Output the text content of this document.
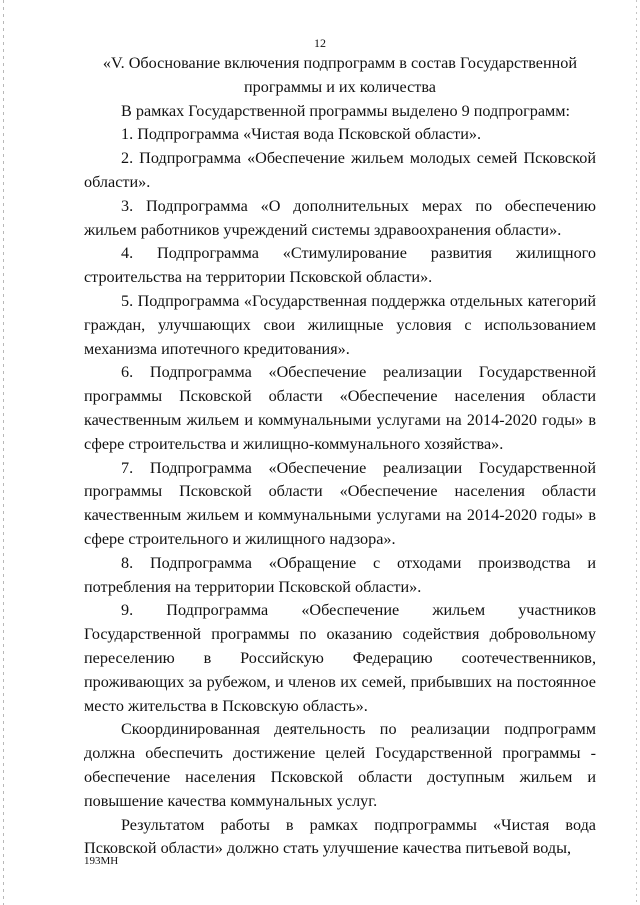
12

«V. Обоснование включения подпрограмм в состав Государственной программы и их количества

В рамках Государственной программы выделено 9 подпрограмм:

1. Подпрограмма «Чистая вода Псковской области».

2. Подпрограмма «Обеспечение жильем молодых семей Псковской области».

3. Подпрограмма «О дополнительных мерах по обеспечению жильем работников учреждений системы здравоохранения области».

4. Подпрограмма «Стимулирование развития жилищного строительства на территории Псковской области».

5. Подпрограмма «Государственная поддержка отдельных категорий граждан, улучшающих свои жилищные условия с использованием механизма ипотечного кредитования».

6. Подпрограмма «Обеспечение реализации Государственной программы Псковской области «Обеспечение населения области качественным жильем и коммунальными услугами на 2014-2020 годы» в сфере строительства и жилищно-коммунального хозяйства».

7. Подпрограмма «Обеспечение реализации Государственной программы Псковской области «Обеспечение населения области качественным жильем и коммунальными услугами на 2014-2020 годы» в сфере строительного и жилищного надзора».

8. Подпрограмма «Обращение с отходами производства и потребления на территории Псковской области».

9. Подпрограмма «Обеспечение жильем участников Государственной программы по оказанию содействия добровольному переселению в Российскую Федерацию соотечественников, проживающих за рубежом, и членов их семей, прибывших на постоянное место жительства в Псковскую область».

Скоординированная деятельность по реализации подпрограмм должна обеспечить достижение целей Государственной программы - обеспечение населения Псковской области доступным жильем и повышение качества коммунальных услуг.

Результатом работы в рамках подпрограммы «Чистая вода Псковской области» должно стать улучшение качества питьевой воды,

193МН
